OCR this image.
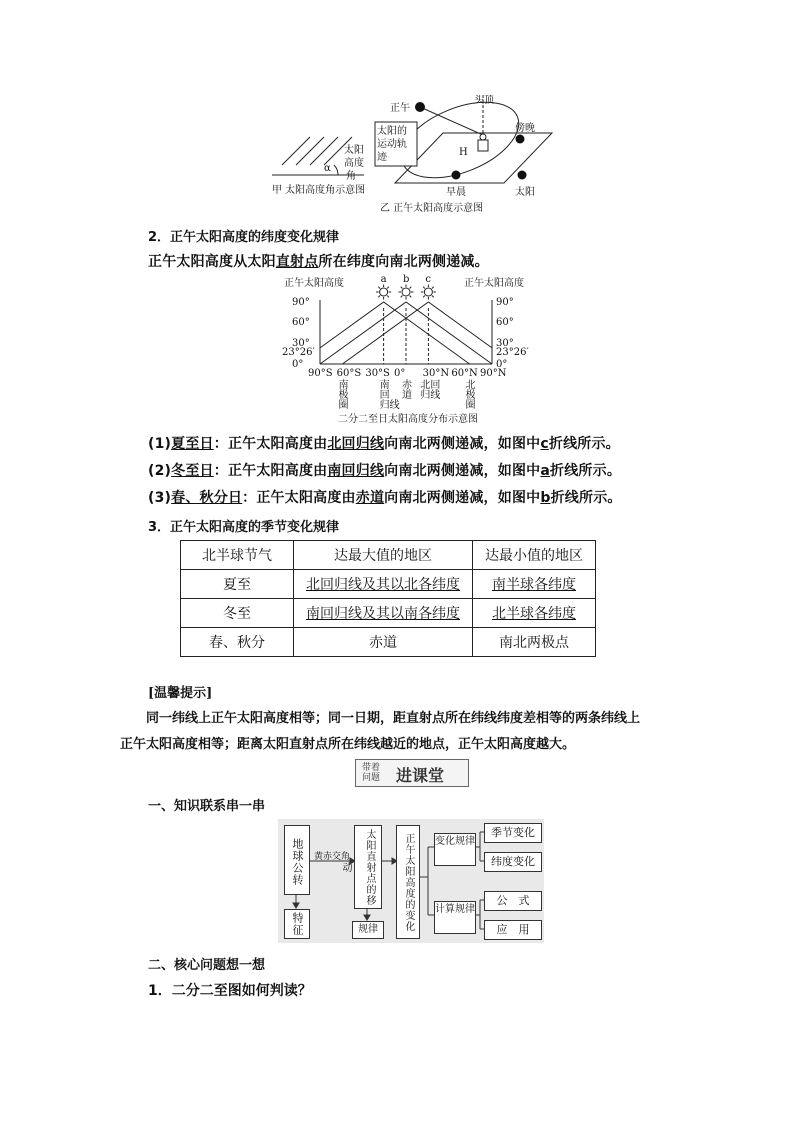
α
太阳
高度
角
甲 太阳高度角示意图
太阳的
运动轨
迹
正午
头顶
傍晚
H
早晨	太阳
乙 正午太阳高度示意图
2．正午太阳高度的纬度变化规律
正午太阳高度从太阳直射点所在纬度向南北两侧递减。
正午太阳高度	正午太阳高度
90°
60°
30°
23°26′
0°
90°
60°
30°
23°26′
0°
a b c
90°S 60°S 30°S 0° 30°N 60°N 90°N
南
极
圈
南
回
归线
赤
道
北回
归线
北
极
圈
二分二至日太阳高度分布示意图
(1)夏至日：正午太阳高度由北回归线向南北两侧递减，如图中c折线所示。
(2)冬至日：正午太阳高度由南回归线向南北两侧递减，如图中a折线所示。
(3)春、秋分日：正午太阳高度由赤道向南北两侧递减，如图中b折线所示。
3．正午太阳高度的季节变化规律
北半球节气	达最大值的地区	达最小值的地区
夏至	北回归线及其以北各纬度	南半球各纬度
冬至	南回归线及其以南各纬度	北半球各纬度
春、秋分	赤道	南北两极点
[温馨提示]
同一纬线上正午太阳高度相等；同一日期，距直射点所在纬线纬度差相等的两条纬线上
正午太阳高度相等；距离太阳直射点所在纬线越近的地点，正午太阳高度越大。
带着
问题 进课堂
一、知识联系串一串
地球公转
特征
黄赤交角	太阳直射点的移动
规律	正午太阳高度的变化	变化规律
计算规律
季节变化
纬度变化
公　式
应　用
二、核心问题想一想
1．二分二至图如何判读？
